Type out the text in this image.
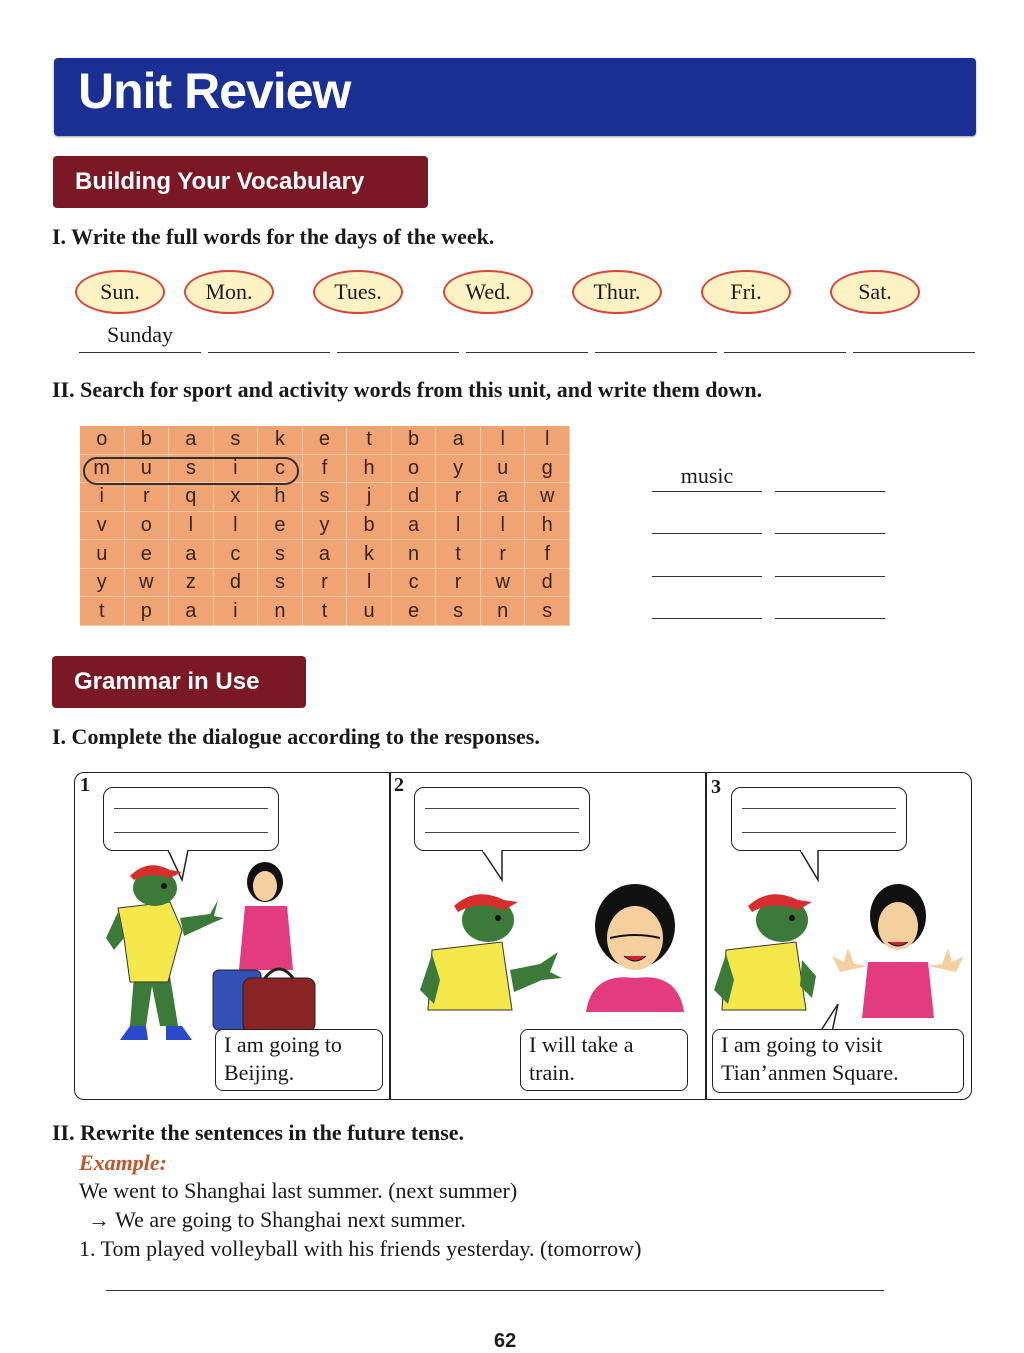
Unit Review
Building Your Vocabulary
I. Write the full words for the days of the week.
Sun.	Mon.	Tues.	Wed.	Thur.	Fri.	Sat.
Sunday
II. Search for sport and activity words from this unit, and write them down.
o	b	a	s	k	e	t	b	a	l	l
m	u	s	i	c	f	h	o	y	u	g
i	r	q	x	h	s	j	d	r	a	w
v	o	l	l	e	y	b	a	l	l	h
u	e	a	c	s	a	k	n	t	r	f
y	w	z	d	s	r	l	c	r	w	d
t	p	a	i	n	t	u	e	s	n	s
music
Grammar in Use
I. Complete the dialogue according to the responses.
1
I am going to
Beijing.
2
I will take a
train.
3
I am going to visit
Tian’anmen Square.
II. Rewrite the sentences in the future tense.
Example:
We went to Shanghai last summer. (next summer)
→ We are going to Shanghai next summer.
1. Tom played volleyball with his friends yesterday. (tomorrow)
62
